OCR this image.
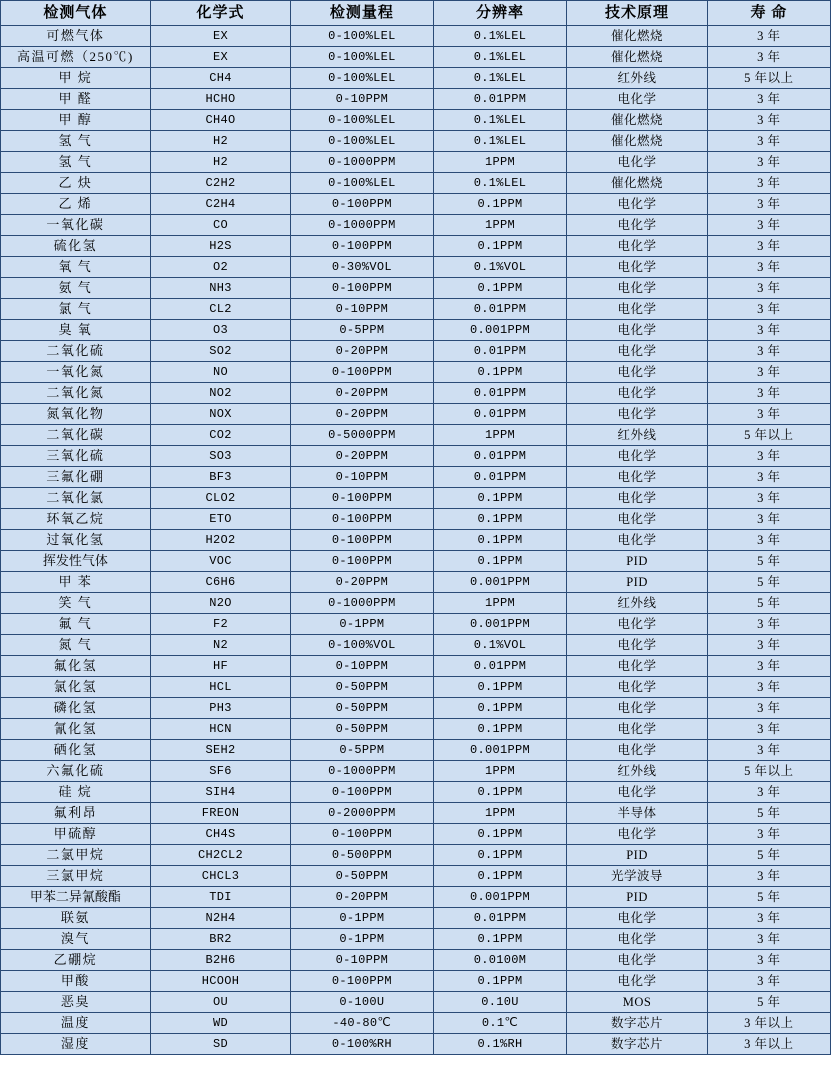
检测气体	化学式	检测量程	分辨率	技术原理	寿 命
可燃气体	EX	0-100%LEL	0.1%LEL	催化燃烧	3 年
高温可燃（250℃)	EX	0-100%LEL	0.1%LEL	催化燃烧	3 年
甲 烷	CH4	0-100%LEL	0.1%LEL	红外线	5 年以上
甲 醛	HCHO	0-10PPM	0.01PPM	电化学	3 年
甲 醇	CH4O	0-100%LEL	0.1%LEL	催化燃烧	3 年
氢 气	H2	0-100%LEL	0.1%LEL	催化燃烧	3 年
氢 气	H2	0-1000PPM	1PPM	电化学	3 年
乙 炔	C2H2	0-100%LEL	0.1%LEL	催化燃烧	3 年
乙 烯	C2H4	0-100PPM	0.1PPM	电化学	3 年
一氧化碳	CO	0-1000PPM	1PPM	电化学	3 年
硫化氢	H2S	0-100PPM	0.1PPM	电化学	3 年
氧 气	O2	0-30%VOL	0.1%VOL	电化学	3 年
氨 气	NH3	0-100PPM	0.1PPM	电化学	3 年
氯 气	CL2	0-10PPM	0.01PPM	电化学	3 年
臭 氧	O3	0-5PPM	0.001PPM	电化学	3 年
二氧化硫	SO2	0-20PPM	0.01PPM	电化学	3 年
一氧化氮	NO	0-100PPM	0.1PPM	电化学	3 年
二氧化氮	NO2	0-20PPM	0.01PPM	电化学	3 年
氮氧化物	NOX	0-20PPM	0.01PPM	电化学	3 年
二氧化碳	CO2	0-5000PPM	1PPM	红外线	5 年以上
三氧化硫	SO3	0-20PPM	0.01PPM	电化学	3 年
三氟化硼	BF3	0-10PPM	0.01PPM	电化学	3 年
二氧化氯	CLO2	0-100PPM	0.1PPM	电化学	3 年
环氧乙烷	ETO	0-100PPM	0.1PPM	电化学	3 年
过氧化氢	H2O2	0-100PPM	0.1PPM	电化学	3 年
挥发性气体	VOC	0-100PPM	0.1PPM	PID	5 年
甲 苯	C6H6	0-20PPM	0.001PPM	PID	5 年
笑 气	N2O	0-1000PPM	1PPM	红外线	5 年
氟 气	F2	0-1PPM	0.001PPM	电化学	3 年
氮 气	N2	0-100%VOL	0.1%VOL	电化学	3 年
氟化氢	HF	0-10PPM	0.01PPM	电化学	3 年
氯化氢	HCL	0-50PPM	0.1PPM	电化学	3 年
磷化氢	PH3	0-50PPM	0.1PPM	电化学	3 年
氰化氢	HCN	0-50PPM	0.1PPM	电化学	3 年
硒化氢	SEH2	0-5PPM	0.001PPM	电化学	3 年
六氟化硫	SF6	0-1000PPM	1PPM	红外线	5 年以上
硅 烷	SIH4	0-100PPM	0.1PPM	电化学	3 年
氟利昂	FREON	0-2000PPM	1PPM	半导体	5 年
甲硫醇	CH4S	0-100PPM	0.1PPM	电化学	3 年
二氯甲烷	CH2CL2	0-500PPM	0.1PPM	PID	5 年
三氯甲烷	CHCL3	0-50PPM	0.1PPM	光学波导	3 年
甲苯二异氰酸酯	TDI	0-20PPM	0.001PPM	PID	5 年
联氨	N2H4	0-1PPM	0.01PPM	电化学	3 年
溴气	BR2	0-1PPM	0.1PPM	电化学	3 年
乙硼烷	B2H6	0-10PPM	0.0100M	电化学	3 年
甲酸	HCOOH	0-100PPM	0.1PPM	电化学	3 年
恶臭	OU	0-100U	0.10U	MOS	5 年
温度	WD	-40-80℃	0.1℃	数字芯片	3 年以上
湿度	SD	0-100%RH	0.1%RH	数字芯片	3 年以上
